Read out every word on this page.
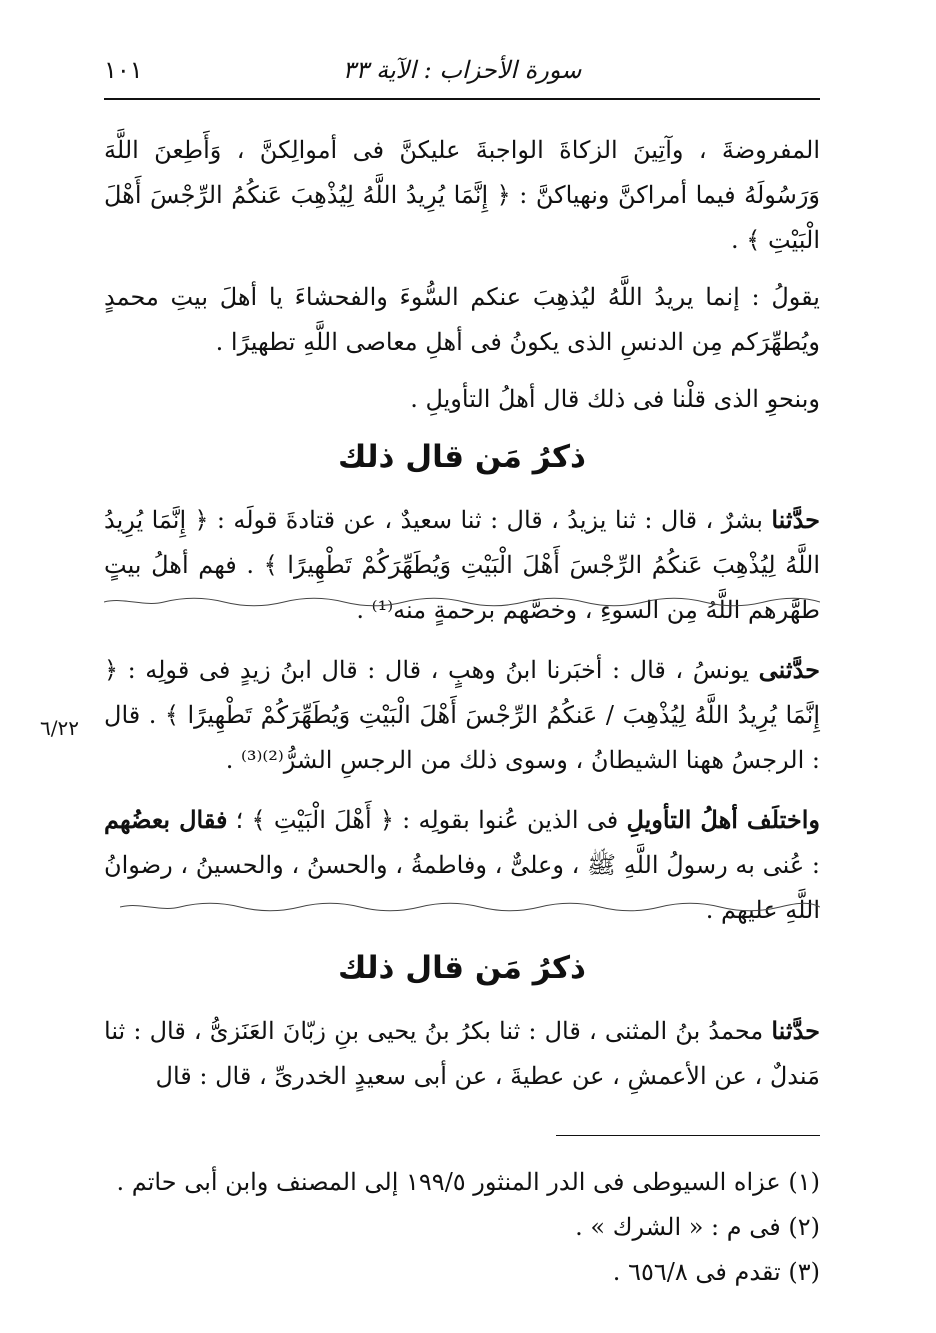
١٠١	سورة الأحزاب : الآية ٣٣

المفروضةَ ، وآتِينَ الزكاةَ الواجبةَ عليكنَّ فى أموالِكنَّ ، وَأَطِعنَ اللَّهَ وَرَسُولَهُ فيما أمراكنَّ ونهياكنَّ : ﴿ إِنَّمَا يُرِيدُ اللَّهُ لِيُذْهِبَ عَنكُمُ الرِّجْسَ أَهْلَ الْبَيْتِ ﴾ .

يقولُ : إنما يريدُ اللَّهُ ليُذهِبَ عنكم السُّوءَ والفحشاءَ يا أهلَ بيتِ محمدٍ ويُطهِّرَكم مِن الدنسِ الذى يكونُ فى أهلِ معاصى اللَّهِ تطهيرًا .

وبنحوِ الذى قلْنا فى ذلك قال أهلُ التأويلِ .

ذكرُ مَن قال ذلك

حدَّثنا بشرٌ ، قال : ثنا يزيدُ ، قال : ثنا سعيدٌ ، عن قتادةَ قولَه : ﴿ إِنَّمَا يُرِيدُ اللَّهُ لِيُذْهِبَ عَنكُمُ الرِّجْسَ أَهْلَ الْبَيْتِ وَيُطَهِّرَكُمْ تَطْهِيرًا ﴾ . فهم أهلُ بيتٍ طهَّرهم اللَّهُ مِن السوءِ ، وخصَّهم برحمةٍ منه⁽¹⁾ .

حدَّثنى يونسُ ، قال : أخبَرنا ابنُ وهبٍ ، قال : قال ابنُ زيدٍ فى قولِه : ﴿ إِنَّمَا يُرِيدُ اللَّهُ لِيُذْهِبَ / عَنكُمُ الرِّجْسَ أَهْلَ الْبَيْتِ وَيُطَهِّرَكُمْ تَطْهِيرًا ﴾ . قال : الرجسُ ههنا الشيطانُ ، وسوى ذلك من الرجسِ الشرُّ⁽²⁾⁽³⁾ .

واختلَف أهلُ التأويلِ فى الذين عُنوا بقولِه : ﴿ أَهْلَ الْبَيْتِ ﴾ ؛ فقال بعضُهم : عُنى به رسولُ اللَّهِ ﷺ ، وعلىٌّ ، وفاطمةُ ، والحسنُ ، والحسينُ ، رضوانُ اللَّهِ عليهم .

ذكرُ مَن قال ذلك

حدَّثنا محمدُ بنُ المثنى ، قال : ثنا بكرُ بنُ يحيى بنِ زبّانَ العَنَزىُّ ، قال : ثنا مَندلٌ ، عن الأعمشِ ، عن عطيةَ ، عن أبى سعيدٍ الخدرىِّ ، قال : قال

٦/٢٢

(١) عزاه السيوطى فى الدر المنثور ١٩٩/٥ إلى المصنف وابن أبى حاتم .

(٢) فى م : « الشرك » .

(٣) تقدم فى ٦٥٦/٨ .
